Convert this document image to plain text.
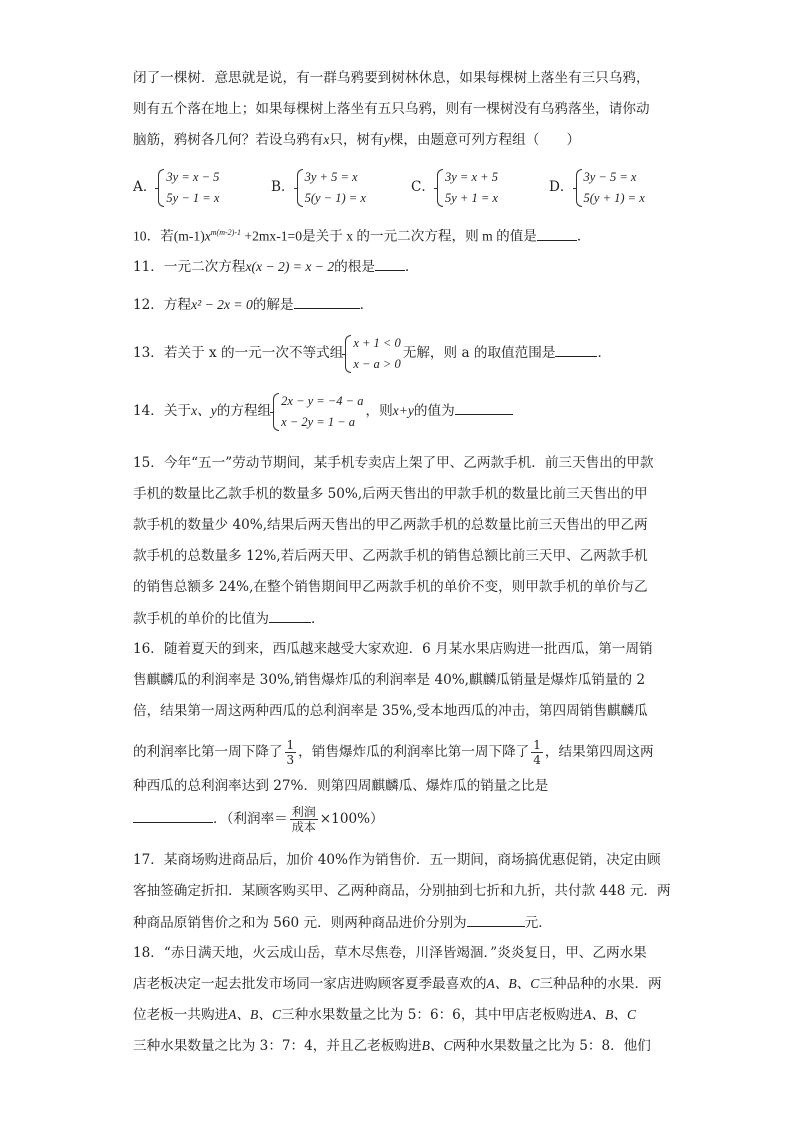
闭了一棵树．意思就是说，有一群乌鸦要到树林休息，如果每棵树上落坐有三只乌鸦，
则有五个落在地上；如果每棵树上落坐有五只乌鸦，则有一棵树没有乌鸦落坐，请你动
脑筋，鸦树各几何？若设乌鸦有x只，树有y棵，由题意可列方程组（　　）
A．
3y = x − 5
5y − 1 = x
B．
3y + 5 = x
5(y − 1) = x
C．
3y = x + 5
5y + 1 = x
D．
3y − 5 = x
5(y + 1) = x
10．若$(m-1)x^{m(m-2)-1} +2mx-1=0$是关于 x 的一元二次方程，则 m 的值是	．
11．一元二次方程x(x − 2) = x − 2的根是 .
12．方程x² − 2x = 0的解是	．
13．若关于 x 的一元一次不等式组
x + 1 < 0
x − a > 0
无解，则 a 的取值范围是	．
14．关于x、y的方程组
2x − y = −4 − a
x − 2y = 1 − a
，则x+y的值为
15．今年“五一”劳动节期间，某手机专卖店上架了甲、乙两款手机．前三天售出的甲款
手机的数量比乙款手机的数量多 50%,后两天售出的甲款手机的数量比前三天售出的甲
款手机的数量少 40%,结果后两天售出的甲乙两款手机的总数量比前三天售出的甲乙两
款手机的总数量多 12%,若后两天甲、乙两款手机的销售总额比前三天甲、乙两款手机
的销售总额多 24%,在整个销售期间甲乙两款手机的单价不变，则甲款手机的单价与乙
款手机的单价的比值为	．
16．随着夏天的到来，西瓜越来越受大家欢迎．6 月某水果店购进一批西瓜，第一周销
售麒麟瓜的利润率是 30%,销售爆炸瓜的利润率是 40%,麒麟瓜销量是爆炸瓜销量的 2
倍，结果第一周这两种西瓜的总利润率是 35%,受本地西瓜的冲击，第四周销售麒麟瓜
的利润率比第一周下降了 $\frac{1}{3}$ ，销售爆炸瓜的利润率比第一周下降了 $\frac{1}{4}$ ，结果第四周这两
种西瓜的总利润率达到 27%．则第四周麒麟瓜、爆炸瓜的销量之比是
．（利润率＝ $\frac{\text{利润}}{\text{成本}} \times 100\%$）
17．某商场购进商品后，加价 40%作为销售价．五一期间，商场搞优惠促销，决定由顾
客抽签确定折扣．某顾客购买甲、乙两种商品，分别抽到七折和九折，共付款 448 元．两
种商品原销售价之和为 560 元．则两种商品进价分别为	元．
18．“赤日满天地，火云成山岳，草木尽焦卷，川泽皆竭涸．”炎炎复日，甲、乙两水果
店老板决定一起去批发市场同一家店进购顾客夏季最喜欢的A、B、C三种品种的水果．两
位老板一共购进A、B、C三种水果数量之比为 5：6：6，其中甲店老板购进A、B、C
三种水果数量之比为 3：7：4，并且乙老板购进B、C两种水果数量之比为 5：8．他们
